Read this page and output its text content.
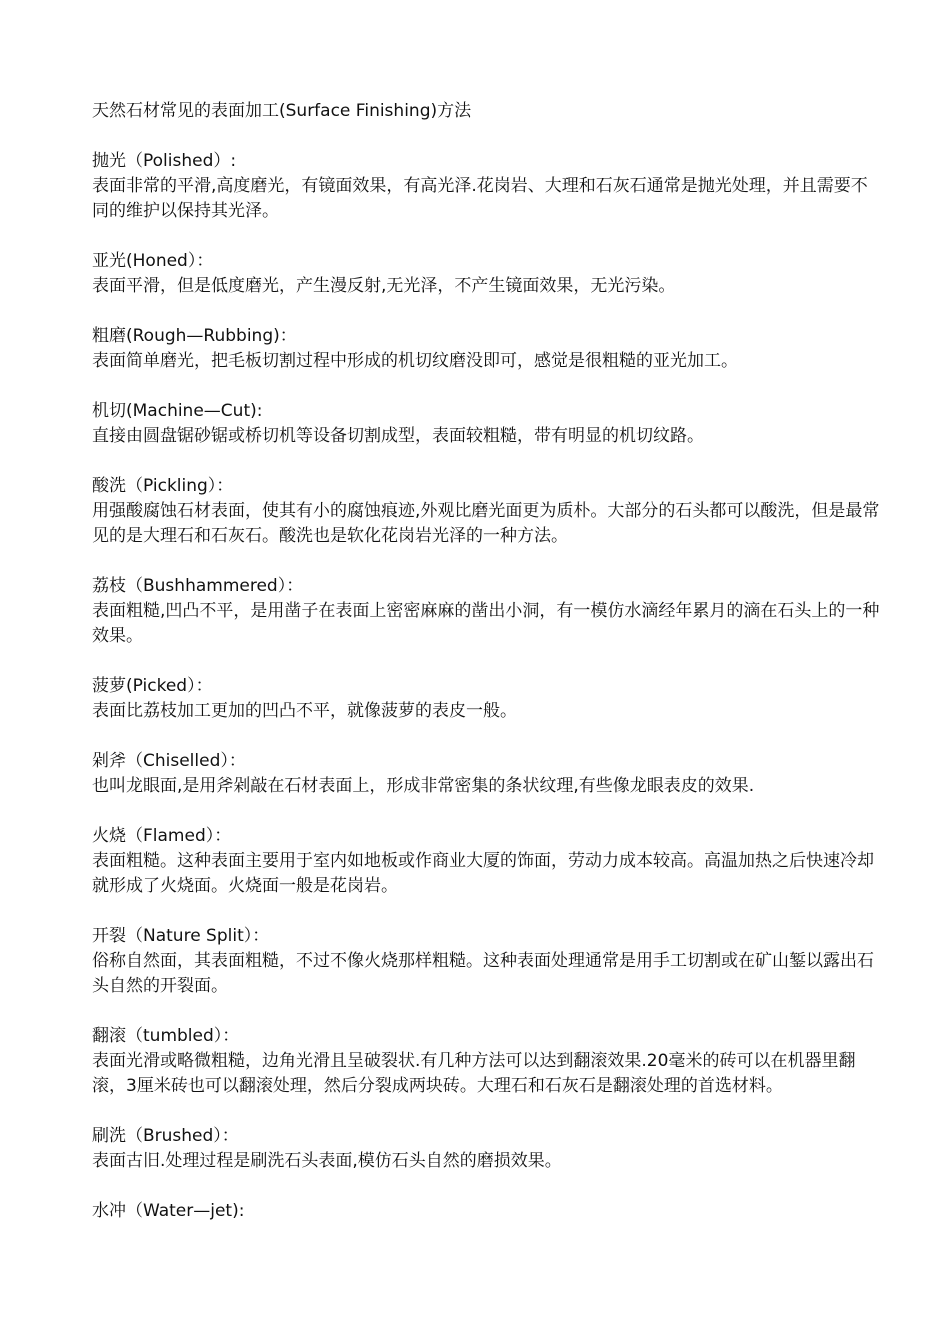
天然石材常见的表面加工(Surface Finishing)方法
抛光（Polished）:
表面非常的平滑,高度磨光，有镜面效果，有高光泽.花岗岩、大理和石灰石通常是抛光处理，并且需要不同的维护以保持其光泽。
亚光(Honed）：
表面平滑，但是低度磨光，产生漫反射,无光泽，不产生镜面效果，无光污染。
粗磨(Rough—Rubbing)：
表面简单磨光，把毛板切割过程中形成的机切纹磨没即可，感觉是很粗糙的亚光加工。
机切(Machine—Cut):
直接由圆盘锯砂锯或桥切机等设备切割成型，表面较粗糙，带有明显的机切纹路。
酸洗（Pickling）：
用强酸腐蚀石材表面，使其有小的腐蚀痕迹,外观比磨光面更为质朴。大部分的石头都可以酸洗，但是最常见的是大理石和石灰石。酸洗也是软化花岗岩光泽的一种方法。
荔枝（Bushhammered）：
表面粗糙,凹凸不平，是用凿子在表面上密密麻麻的凿出小洞，有一模仿水滴经年累月的滴在石头上的一种效果。
菠萝(Picked）：
表面比荔枝加工更加的凹凸不平，就像菠萝的表皮一般。
剁斧（Chiselled）：
也叫龙眼面,是用斧剁敲在石材表面上，形成非常密集的条状纹理,有些像龙眼表皮的效果.
火烧（Flamed）：
表面粗糙。这种表面主要用于室内如地板或作商业大厦的饰面，劳动力成本较高。高温加热之后快速冷却就形成了火烧面。火烧面一般是花岗岩。
开裂（Nature Split）：
俗称自然面，其表面粗糙，不过不像火烧那样粗糙。这种表面处理通常是用手工切割或在矿山錾以露出石头自然的开裂面。
翻滚（tumbled）：
表面光滑或略微粗糙，边角光滑且呈破裂状.有几种方法可以达到翻滚效果.20毫米的砖可以在机器里翻滚，3厘米砖也可以翻滚处理，然后分裂成两块砖。大理石和石灰石是翻滚处理的首选材料。
刷洗（Brushed）：
表面古旧.处理过程是刷洗石头表面,模仿石头自然的磨损效果。
水冲（Water—jet):
